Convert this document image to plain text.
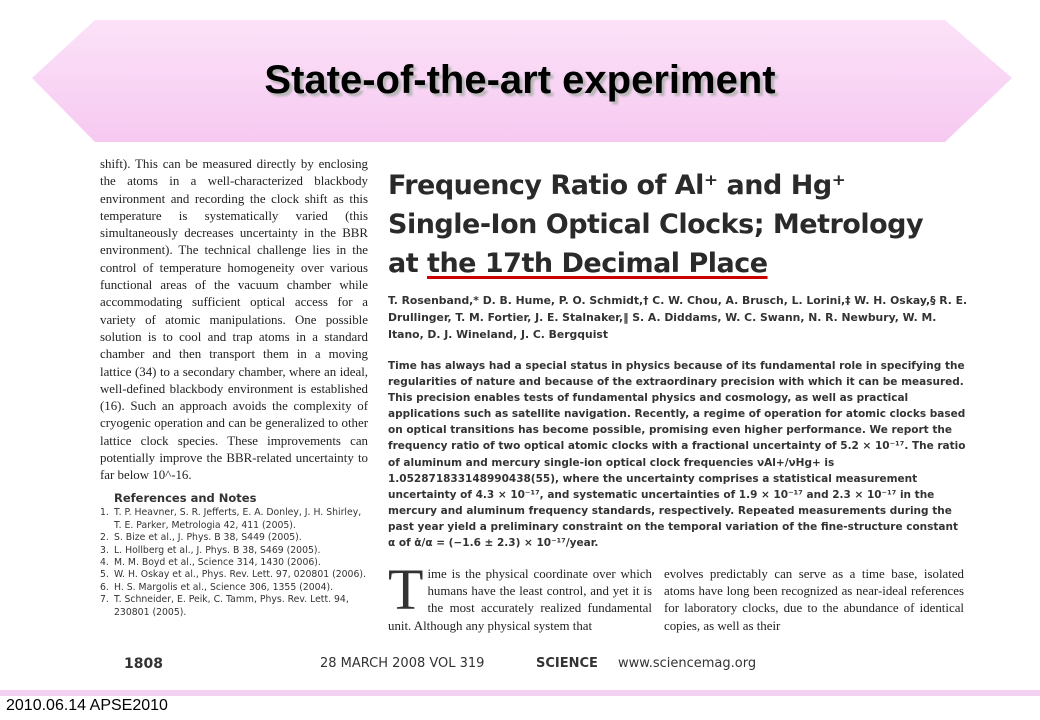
State-of-the-art experiment
shift). This can be measured directly by enclosing the atoms in a well-characterized blackbody environment and recording the clock shift as this temperature is systematically varied (this simultaneously decreases uncertainty in the BBR environment). The technical challenge lies in the control of temperature homogeneity over various functional areas of the vacuum chamber while accommodating sufficient optical access for a variety of atomic manipulations. One possible solution is to cool and trap atoms in a standard chamber and then transport them in a moving lattice (34) to a secondary chamber, where an ideal, well-defined blackbody environment is established (16). Such an approach avoids the complexity of cryogenic operation and can be generalized to other lattice clock species. These improvements can potentially improve the BBR-related uncertainty to far below 10^-16.
References and Notes
1. T. P. Heavner, S. R. Jefferts, E. A. Donley, J. H. Shirley, T. E. Parker, Metrologia 42, 411 (2005).
2. S. Bize et al., J. Phys. B 38, S449 (2005).
3. L. Hollberg et al., J. Phys. B 38, S469 (2005).
4. M. M. Boyd et al., Science 314, 1430 (2006).
5. W. H. Oskay et al., Phys. Rev. Lett. 97, 020801 (2006).
6. H. S. Margolis et al., Science 306, 1355 (2004).
7. T. Schneider, E. Peik, C. Tamm, Phys. Rev. Lett. 94, 230801 (2005).
Frequency Ratio of Al⁺ and Hg⁺ Single-Ion Optical Clocks; Metrology at the 17th Decimal Place
T. Rosenband,* D. B. Hume, P. O. Schmidt,† C. W. Chou, A. Brusch, L. Lorini,‡ W. H. Oskay,§ R. E. Drullinger, T. M. Fortier, J. E. Stalnaker,‖ S. A. Diddams, W. C. Swann, N. R. Newbury, W. M. Itano, D. J. Wineland, J. C. Bergquist
Time has always had a special status in physics because of its fundamental role in specifying the regularities of nature and because of the extraordinary precision with which it can be measured. This precision enables tests of fundamental physics and cosmology, as well as practical applications such as satellite navigation. Recently, a regime of operation for atomic clocks based on optical transitions has become possible, promising even higher performance. We report the frequency ratio of two optical atomic clocks with a fractional uncertainty of 5.2 × 10⁻¹⁷. The ratio of aluminum and mercury single-ion optical clock frequencies νAl+/νHg+ is 1.052871833148990438(55), where the uncertainty comprises a statistical measurement uncertainty of 4.3 × 10⁻¹⁷, and systematic uncertainties of 1.9 × 10⁻¹⁷ and 2.3 × 10⁻¹⁷ in the mercury and aluminum frequency standards, respectively. Repeated measurements during the past year yield a preliminary constraint on the temporal variation of the fine-structure constant α of α̇/α = (−1.6 ± 2.3) × 10⁻¹⁷/year.
Time is the physical coordinate over which humans have the least control, and yet it is the most accurately realized fundamental unit. Although any physical system that
evolves predictably can serve as a time base, isolated atoms have long been recognized as near-ideal references for laboratory clocks, due to the abundance of identical copies, as well as their
1808	28 MARCH 2008 VOL 319	SCIENCE www.sciencemag.org
2010.06.14 APSE2010
